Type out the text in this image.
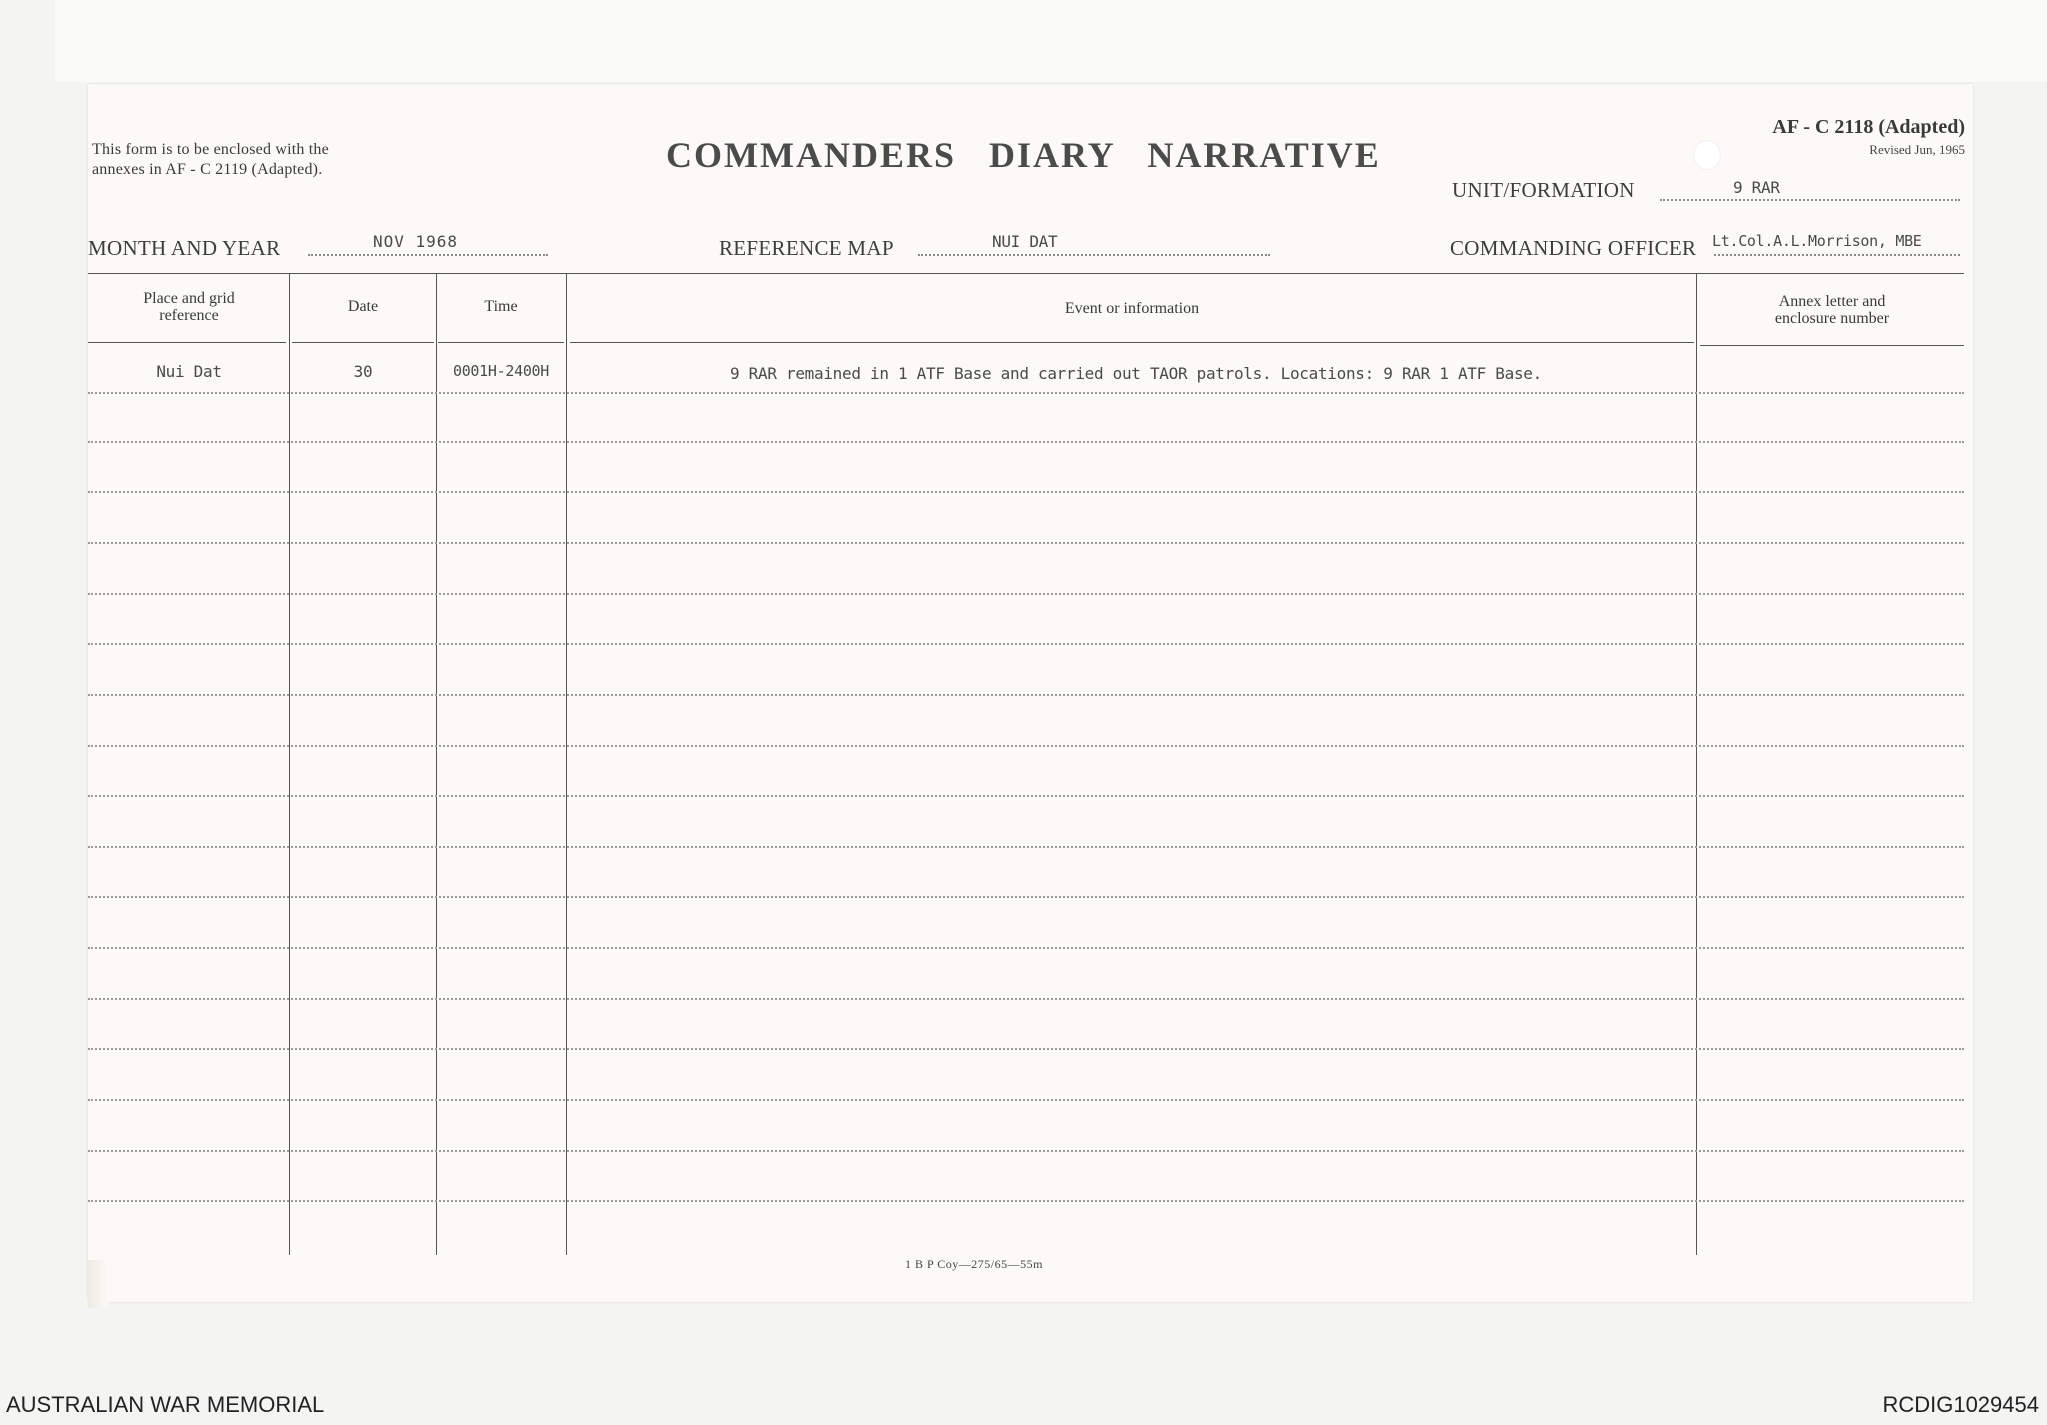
This form is to be enclosed with the
annexes in AF - C 2119 (Adapted).	COMMANDERS DIARY NARRATIVE
AF - C 2118 (Adapted)
Revised Jun, 1965
UNIT/FORMATION	9 RAR
MONTH AND YEAR	NOV 1968	REFERENCE MAP	NUI DAT	COMMANDING OFFICER Lt.Col.A.L.Morrison, MBE
Place and grid
reference
Date	Time	Event or information	Annex letter and
enclosure number
Nui Dat	30	0001H-2400H	9 RAR remained in 1 ATF Base and carried out TAOR patrols. Locations: 9 RAR 1 ATF Base.
1 B P Coy—275/65—55m
AUSTRALIAN WAR MEMORIAL	RCDIG1029454
